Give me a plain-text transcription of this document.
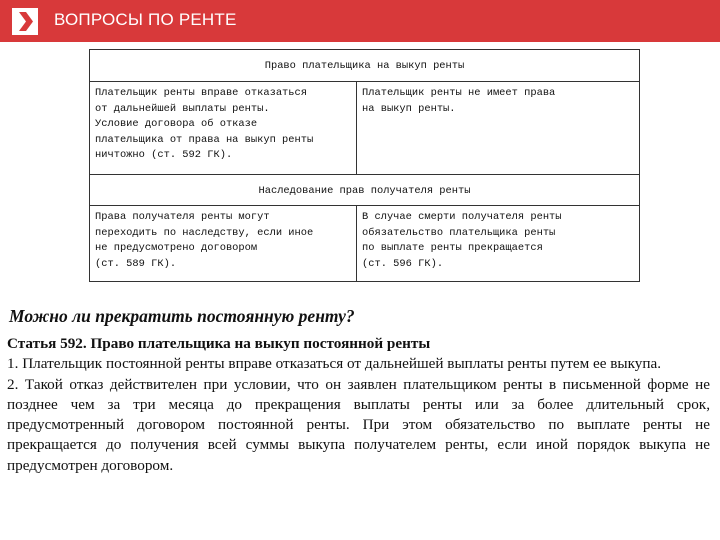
ВОПРОСЫ ПО РЕНТЕ
Право плательщика на выкуп ренты
Плательщик ренты вправе отказаться
от дальнейшей выплаты ренты.
Условие договора об отказе
плательщика от права на выкуп ренты
ничтожно (ст. 592 ГК).
Плательщик ренты не имеет права
на выкуп ренты.
Наследование прав получателя ренты
Права получателя ренты могут
переходить по наследству, если иное
не предусмотрено договором
(ст. 589 ГК).
В случае смерти получателя ренты
обязательство плательщика ренты
по выплате ренты прекращается
(ст. 596 ГК).
Можно ли прекратить постоянную ренту?

Статья 592. Право плательщика на выкуп постоянной ренты

1. Плательщик постоянной ренты вправе отказаться от дальнейшей выплаты ренты путем ее выкупа.

2. Такой отказ действителен при условии, что он заявлен плательщиком ренты в письменной форме не позднее чем за три месяца до прекращения выплаты ренты или за более длительный срок, предусмотренный договором постоянной ренты. При этом обязательство по выплате ренты не прекращается до получения всей суммы выкупа получателем ренты, если иной порядок выкупа не предусмотрен договором.
